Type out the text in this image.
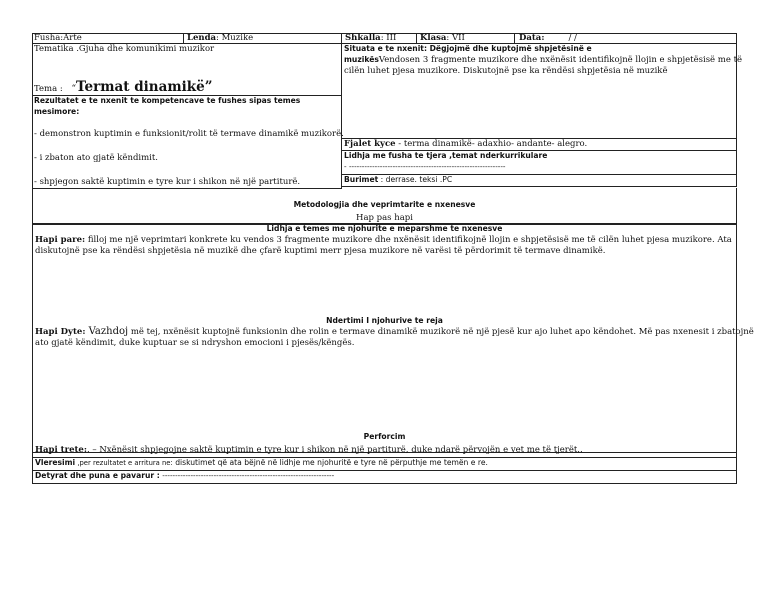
Fusha:Arte	Lenda: Muzike	Shkalla: III	Klasa: VII	Data:	/ /
Tematika .Gjuha dhe komunikimi muzikor
Tema : “Termat dinamikë”
Rezultatet e te nxenit te kompetencave te fushes sipas temes
mesimore:
- demonstron kuptimin e funksionit/rolit të termave dinamikë muzikorë.
- i zbaton ato gjatë këndimit.
- shpjegon saktë kuptimin e tyre kur i shikon në një partiturë.
Situata e te nxenit: Dëgjojmë dhe kuptojmë shpjetësinë e
muzikësVendosen 3 fragmente muzikore dhe nxënësit identifikojnë llojin e shpjetësisë me të
cilën luhet pjesa muzikore. Diskutojnë pse ka rëndësi shpjetësia në muzikë
Fjalet kyce - terma dinamikë- adaxhio- andante- alegro.
Lidhja me fusha te tjera ,temat nderkurrikulare
- -------------------------------------------------------------
Burimet : derrase. teksi .PC
Metodologjia dhe veprimtarite e nxenesve
Hap pas hapi
Lidhja e temes me njohurite e meparshme te nxenesve
Hapi pare: filloj me një veprimtari konkrete ku vendos 3 fragmente muzikore dhe nxënësit identifikojnë llojin e shpjetësisë me të cilën luhet pjesa muzikore. Ata
diskutojnë pse ka rëndësi shpjetësia në muzikë dhe çfarë kuptimi merr pjesa muzikore në varësi të përdorimit të termave dinamikë.
Ndertimi I njohurive te reja
Hapi Dyte: Vazhdoj më tej, nxënësit kuptojnë funksionin dhe rolin e termave dinamikë muzikorë në një pjesë kur ajo luhet apo këndohet. Më pas nxenesit i zbatojnë
ato gjatë këndimit, duke kuptuar se si ndryshon emocioni i pjesës/këngës.
Perforcim
Hapi trete:. – Nxënësit shpjegojne saktë kuptimin e tyre kur i shikon në një partiturë, duke ndarë përvojën e vet me të tjerët..
Vleresimi ,per rezultatet e arritura ne: diskutimet që ata bëjnë në lidhje me njohuritë e tyre në përputhje me temën e re.
Detyrat dhe puna e pavarur : -------------------------------------------------------------------
